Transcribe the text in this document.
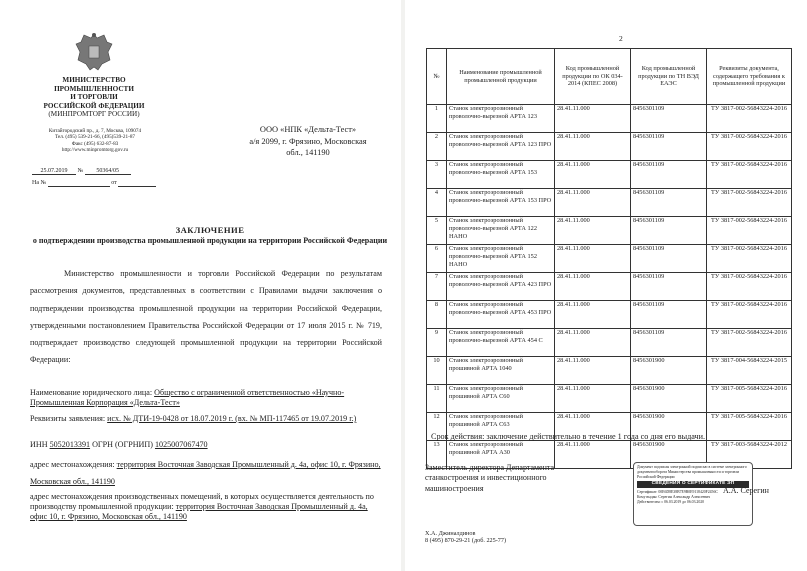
МИНИСТЕРСТВО
ПРОМЫШЛЕННОСТИ
И ТОРГОВЛИ
РОССИЙСКОЙ ФЕДЕРАЦИИ
(МИНПРОМТОРГ РОССИИ)
Китайгородский пр., д. 7, Москва, 109074
Тел. (495) 539-21-66, (495)539-21-87
Факс (495) 632-87-83
http://www.minpromtorg.gov.ru
25.07.2019 № 50364/05
На №	от
ООО «НПК «Дельта-Тест»
а/я 2099, г. Фрязино, Московская
обл., 141190
ЗАКЛЮЧЕНИЕ
о подтверждении производства промышленной продукции на территории Российской Федерации

Министерство промышленности и торговли Российской Федерации по результатам рассмотрения документов, представленных в соответствии с Правилами выдачи заключения о подтверждении производства промышленной продукции на территории Российской Федерации, утвержденными постановлением Правительства Российской Федерации от 17 июля 2015 г. № 719, подтверждает производство следующей промышленной продукции на территории Российской Федерации:

Наименование юридического лица: Общество с ограниченной ответственностью «Научно-Промышленная Корпорация «Дельта-Тест»
Реквизиты заявления: исх. № ДТИ-19-0428 от 18.07.2019 г. (вх. № МП-117465 от 19.07.2019 г.)
ИНН 5052013391 ОГРН (ОГРНИП) 1025007067470
адрес местонахождения: территория Восточная Заводская Промышленный д. 4а, офис 10, г. Фрязино, Московская обл., 141190
адрес местонахождения производственных помещений, в которых осуществляется деятельность по производству промышленной продукции: территория Восточная Заводская Промышленный д. 4а, офис 10, г. Фрязино, Московская обл., 141190
2
№	Наименование промышленной промышленной продукции	Код промышленной продукции по ОК 034-2014 (КПЕС 2008)	Код промышленной продукции по ТН ВЭД ЕАЭС	Реквизиты документа, содержащего требования к промышленной продукции
1	Станок электроэрозионный проволочно-вырезной АРТА 123	28.41.11.000	8456301109	ТУ 3817-002-56843224-2016
2	Станок электроэрозионный проволочно-вырезной АРТА 123 ПРО	28.41.11.000	8456301109	ТУ 3817-002-56843224-2016
3	Станок электроэрозионный проволочно-вырезной АРТА 153	28.41.11.000	8456301109	ТУ 3817-002-56843224-2016
4	Станок электроэрозионный проволочно-вырезной АРТА 153 ПРО	28.41.11.000	8456301109	ТУ 3817-002-56843224-2016
5	Станок электроэрозионный проволочно-вырезной АРТА 122 НАНО	28.41.11.000	8456301109	ТУ 3817-002-56843224-2016
6	Станок электроэрозионный проволочно-вырезной АРТА 152 НАНО	28.41.11.000	8456301109	ТУ 3817-002-56843224-2016
7	Станок электроэрозионный проволочно-вырезной АРТА 423 ПРО	28.41.11.000	8456301109	ТУ 3817-002-56843224-2016
8	Станок электроэрозионный проволочно-вырезной АРТА 453 ПРО	28.41.11.000	8456301109	ТУ 3817-002-56843224-2016
9	Станок электроэрозионный проволочно-вырезной АРТА 454 С	28.41.11.000	8456301109	ТУ 3817-002-56843224-2016
10	Станок электроэрозионный прошивной АРТА 1040	28.41.11.000	8456301900	ТУ 3817-004-56843224-2015
11	Станок электроэрозионный прошивной АРТА С60	28.41.11.000	8456301900	ТУ 3817-005-56843224-2016
12	Станок электроэрозионный прошивной АРТА С63	28.41.11.000	8456301900	ТУ 3817-005-56843224-2016
13	Станок электроэрозионный прошивной АРТА А30	28.41.11.000	8456301900	ТУ 3817-003-56843224-2012
Срок действия: заключение действительно в течение 1 года со дня его выдачи.
Заместитель директора Департамента
станкостроения и инвестиционного
машиностроения
Документ подписан электронной подписью в системе электронного документооборота Министерства промышленности и торговли Российской Федерации
СВЕДЕНИЯ О СЕРТИФИКАТЕ ЭП
Сертификат: 00E6D8E38B7E9B0E9118420F2456C
Кому выдан: Серегин Александр Алексеевич
Действителен: с 06.03.2019 до 06.03.2020
А.А. Серегин
Х.А. Джиналдинов
8 (495) 870-29-21 (доб. 225-77)
